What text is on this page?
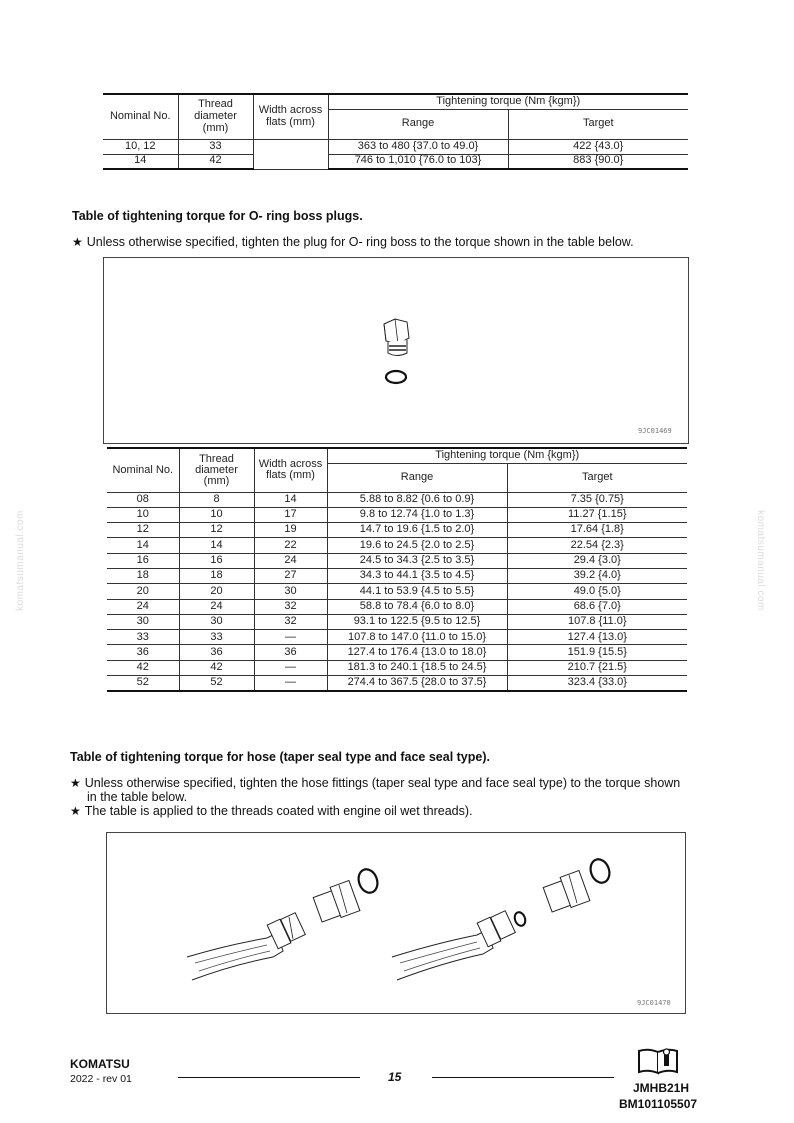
Nominal No.	Thread diameter (mm)	Width across flats (mm)	Tightening torque (Nm {kgm})	
			Range	Target
10, 12	33		363 to 480 {37.0 to 49.0}	422 {43.0}
14	42		746 to 1,010 {76.0 to 103}	883 {90.0}
Table of tightening torque for O- ring boss plugs.
★ Unless otherwise specified, tighten the plug for O- ring boss to the torque shown in the table below.
9JC01469
Nominal No.	Thread diameter (mm)	Width across flats (mm)	Tightening torque (Nm {kgm})	
			Range	Target
08	8	14	5.88 to 8.82 {0.6 to 0.9}	7.35 {0.75}
10	10	17	9.8 to 12.74 {1.0 to 1.3}	11.27 {1.15}
12	12	19	14.7 to 19.6 {1.5 to 2.0}	17.64 {1.8}
14	14	22	19.6 to 24.5 {2.0 to 2.5}	22.54 {2.3}
16	16	24	24.5 to 34.3 {2.5 to 3.5}	29.4 {3.0}
18	18	27	34.3 to 44.1 {3.5 to 4.5}	39.2 {4.0}
20	20	30	44.1 to 53.9 {4.5 to 5.5}	49.0 {5.0}
24	24	32	58.8 to 78.4 {6.0 to 8.0}	68.6 {7.0}
30	30	32	93.1 to 122.5 {9.5 to 12.5}	107.8 {11.0}
33	33	—	107.8 to 147.0 {11.0 to 15.0}	127.4 {13.0}
36	36	36	127.4 to 176.4 {13.0 to 18.0}	151.9 {15.5}
42	42	—	181.3 to 240.1 {18.5 to 24.5}	210.7 {21.5}
52	52	—	274.4 to 367.5 {28.0 to 37.5}	323.4 {33.0}
Table of tightening torque for hose (taper seal type and face seal type).
★ Unless otherwise specified, tighten the hose fittings (taper seal type and face seal type) to the torque shown
in the table below.
★ The table is applied to the threads coated with engine oil wet threads).
9JC01470
komatsumanual.com	komatsumanual.com
KOMATSU
2022 - rev 01	15
JMHB21H
BM101105507
